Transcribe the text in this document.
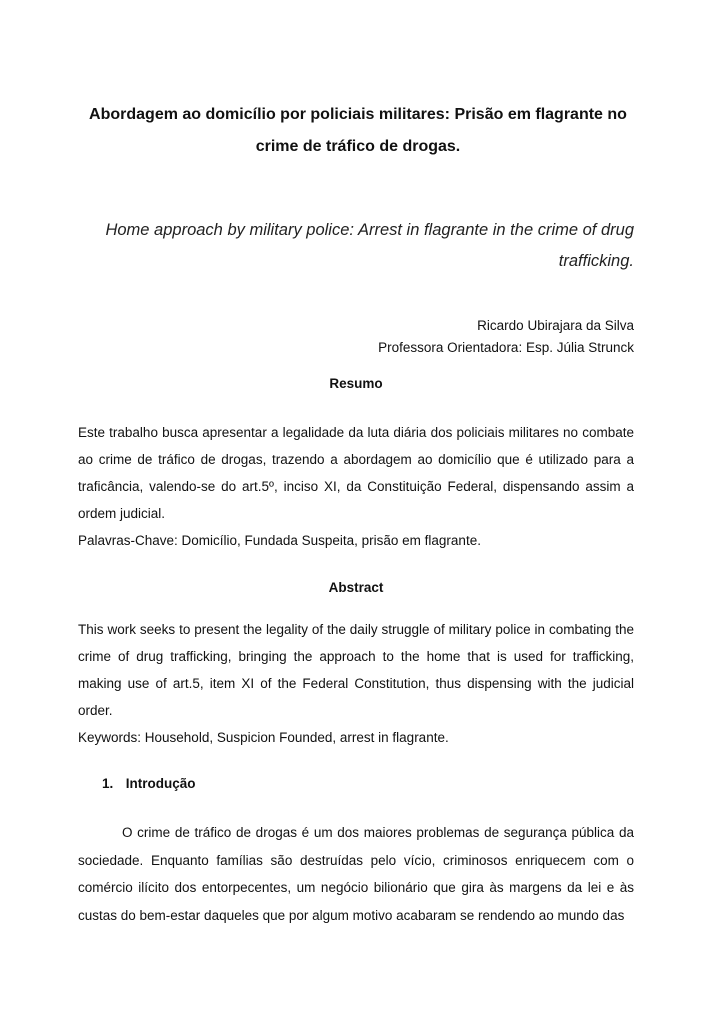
Abordagem ao domicílio por policiais militares: Prisão em flagrante no crime de tráfico de drogas.
Home approach by military police: Arrest in flagrante in the crime of drug trafficking.
Ricardo Ubirajara da Silva
Professora Orientadora: Esp. Júlia Strunck
Resumo
Este trabalho busca apresentar a legalidade da luta diária dos policiais militares no combate ao crime de tráfico de drogas, trazendo a abordagem ao domicílio que é utilizado para a traficância, valendo-se do art.5º, inciso XI, da Constituição Federal, dispensando assim a ordem judicial.
Palavras-Chave: Domicílio, Fundada Suspeita, prisão em flagrante.
Abstract
This work seeks to present the legality of the daily struggle of military police in combating the crime of drug trafficking, bringing the approach to the home that is used for trafficking, making use of art.5, item XI of the Federal Constitution, thus dispensing with the judicial order.
Keywords: Household, Suspicion Founded, arrest in flagrante.
1. Introdução
O crime de tráfico de drogas é um dos maiores problemas de segurança pública da sociedade. Enquanto famílias são destruídas pelo vício, criminosos enriquecem com o comércio ilícito dos entorpecentes, um negócio bilionário que gira às margens da lei e às custas do bem-estar daqueles que por algum motivo acabaram se rendendo ao mundo das
